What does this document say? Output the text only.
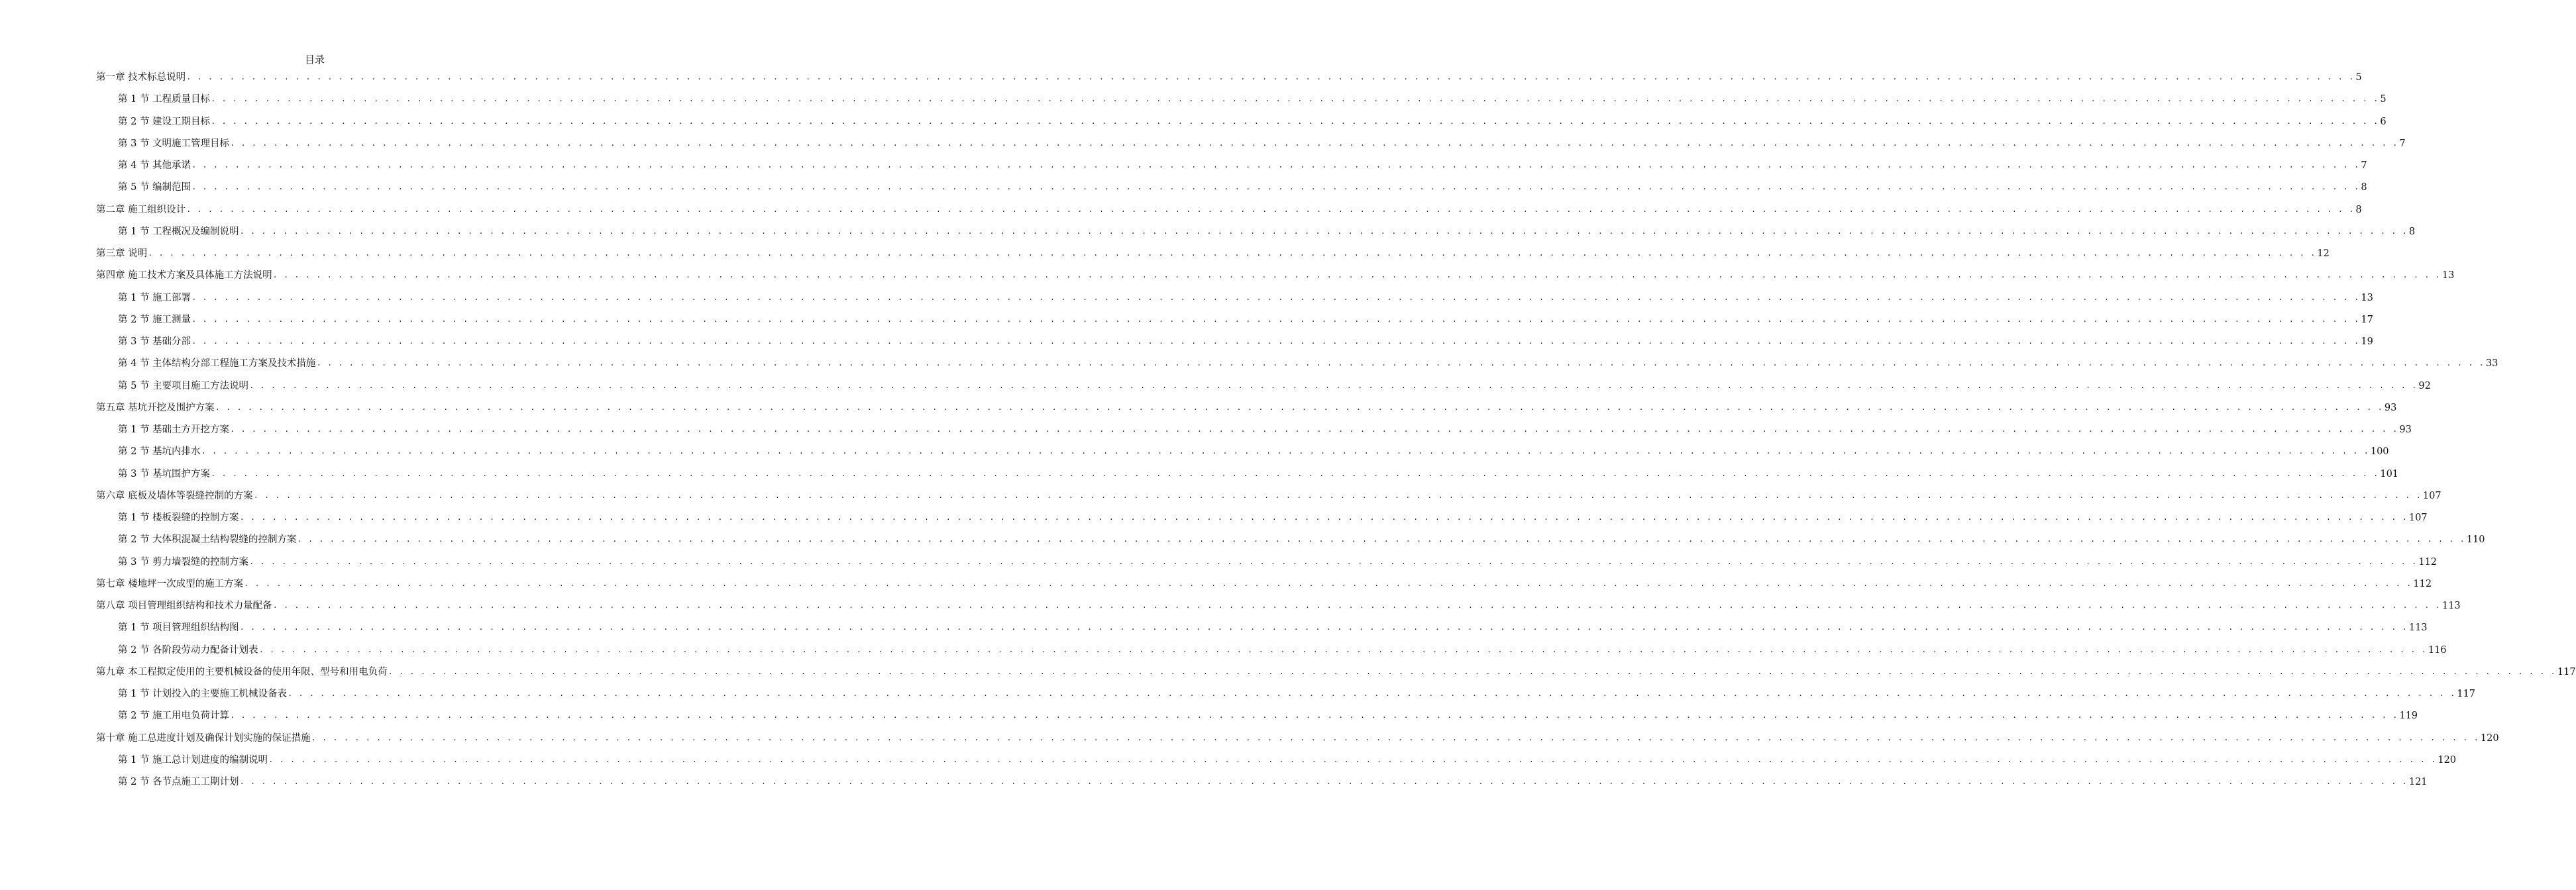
目录
第一章 技术标总说明 . . . . . . . . . . . . . . . . . . . . . . . . . . . . . . . . . . . . . . . . . . . . . . . . . . . . . . . . . . . . . . . . . . . . . . . . . . . . . . . . . . . . . . . . . . . . . . . . . . . . . . . . . . . . . . . . . . . . . . . . . . . . . . . . . . . . . . . . . . . . . . . . . . . . . . . . . . . . . . . . . . . . . . . . . . . . . . . . . . . . . . . . . . . . . . . . . . . . . . . . 5
第 1 节 工程质量目标 . . . . . . . . . . . . . . . . . . . . . . . . . . . . . . . . . . . . . . . . . . . . . . . . . . . . . . . . . . . . . . . . . . . . . . . . . . . . . . . . . . . . . . . . . . . . . . . . . . . . . . . . . . . . . . . . . . . . . . . . . . . . . . . . . . . . . . . . . . . . . . . . . . . . . . . . . . . . . . . . . . . . . . . . . . . . . . . . . . . . . . . . . . . . . . . . . . . . . . . . 5
第 2 节 建设工期目标 . . . . . . . . . . . . . . . . . . . . . . . . . . . . . . . . . . . . . . . . . . . . . . . . . . . . . . . . . . . . . . . . . . . . . . . . . . . . . . . . . . . . . . . . . . . . . . . . . . . . . . . . . . . . . . . . . . . . . . . . . . . . . . . . . . . . . . . . . . . . . . . . . . . . . . . . . . . . . . . . . . . . . . . . . . . . . . . . . . . . . . . . . . . . . . . . . . . . . . . . 6
第 3 节 文明施工管理目标 . . . . . . . . . . . . . . . . . . . . . . . . . . . . . . . . . . . . . . . . . . . . . . . . . . . . . . . . . . . . . . . . . . . . . . . . . . . . . . . . . . . . . . . . . . . . . . . . . . . . . . . . . . . . . . . . . . . . . . . . . . . . . . . . . . . . . . . . . . . . . . . . . . . . . . . . . . . . . . . . . . . . . . . . . . . . . . . . . . . . . . . . . . . . . . . . . . . . . . . . 7
第 4 节 其他承诺 . . . . . . . . . . . . . . . . . . . . . . . . . . . . . . . . . . . . . . . . . . . . . . . . . . . . . . . . . . . . . . . . . . . . . . . . . . . . . . . . . . . . . . . . . . . . . . . . . . . . . . . . . . . . . . . . . . . . . . . . . . . . . . . . . . . . . . . . . . . . . . . . . . . . . . . . . . . . . . . . . . . . . . . . . . . . . . . . . . . . . . . . . . . . . . . . . . . . . . . . 7
第 5 节 编制范围 . . . . . . . . . . . . . . . . . . . . . . . . . . . . . . . . . . . . . . . . . . . . . . . . . . . . . . . . . . . . . . . . . . . . . . . . . . . . . . . . . . . . . . . . . . . . . . . . . . . . . . . . . . . . . . . . . . . . . . . . . . . . . . . . . . . . . . . . . . . . . . . . . . . . . . . . . . . . . . . . . . . . . . . . . . . . . . . . . . . . . . . . . . . . . . . . . . . . . . . . 8
第二章 施工组织设计 . . . . . . . . . . . . . . . . . . . . . . . . . . . . . . . . . . . . . . . . . . . . . . . . . . . . . . . . . . . . . . . . . . . . . . . . . . . . . . . . . . . . . . . . . . . . . . . . . . . . . . . . . . . . . . . . . . . . . . . . . . . . . . . . . . . . . . . . . . . . . . . . . . . . . . . . . . . . . . . . . . . . . . . . . . . . . . . . . . . . . . . . . . . . . . . . . . . . . . . . 8
第 1 节 工程概况及编制说明 . . . . . . . . . . . . . . . . . . . . . . . . . . . . . . . . . . . . . . . . . . . . . . . . . . . . . . . . . . . . . . . . . . . . . . . . . . . . . . . . . . . . . . . . . . . . . . . . . . . . . . . . . . . . . . . . . . . . . . . . . . . . . . . . . . . . . . . . . . . . . . . . . . . . . . . . . . . . . . . . . . . . . . . . . . . . . . . . . . . . . . . . . . . . . . . . . . . . . . . . 8
第三章 说明 . . . . . . . . . . . . . . . . . . . . . . . . . . . . . . . . . . . . . . . . . . . . . . . . . . . . . . . . . . . . . . . . . . . . . . . . . . . . . . . . . . . . . . . . . . . . . . . . . . . . . . . . . . . . . . . . . . . . . . . . . . . . . . . . . . . . . . . . . . . . . . . . . . . . . . . . . . . . . . . . . . . . . . . . . . . . . . . . . . . . . . . . . . . . . . . . . . . . . . . . 12
第四章 施工技术方案及具体施工方法说明 . . . . . . . . . . . . . . . . . . . . . . . . . . . . . . . . . . . . . . . . . . . . . . . . . . . . . . . . . . . . . . . . . . . . . . . . . . . . . . . . . . . . . . . . . . . . . . . . . . . . . . . . . . . . . . . . . . . . . . . . . . . . . . . . . . . . . . . . . . . . . . . . . . . . . . . . . . . . . . . . . . . . . . . . . . . . . . . . . . . . . . . . . . . . . . . . . . . . . . . . 13
第 1 节 施工部署 . . . . . . . . . . . . . . . . . . . . . . . . . . . . . . . . . . . . . . . . . . . . . . . . . . . . . . . . . . . . . . . . . . . . . . . . . . . . . . . . . . . . . . . . . . . . . . . . . . . . . . . . . . . . . . . . . . . . . . . . . . . . . . . . . . . . . . . . . . . . . . . . . . . . . . . . . . . . . . . . . . . . . . . . . . . . . . . . . . . . . . . . . . . . . . . . . . . . . . . . 13
第 2 节 施工测量 . . . . . . . . . . . . . . . . . . . . . . . . . . . . . . . . . . . . . . . . . . . . . . . . . . . . . . . . . . . . . . . . . . . . . . . . . . . . . . . . . . . . . . . . . . . . . . . . . . . . . . . . . . . . . . . . . . . . . . . . . . . . . . . . . . . . . . . . . . . . . . . . . . . . . . . . . . . . . . . . . . . . . . . . . . . . . . . . . . . . . . . . . . . . . . . . . . . . . . . . 17
第 3 节 基础分部 . . . . . . . . . . . . . . . . . . . . . . . . . . . . . . . . . . . . . . . . . . . . . . . . . . . . . . . . . . . . . . . . . . . . . . . . . . . . . . . . . . . . . . . . . . . . . . . . . . . . . . . . . . . . . . . . . . . . . . . . . . . . . . . . . . . . . . . . . . . . . . . . . . . . . . . . . . . . . . . . . . . . . . . . . . . . . . . . . . . . . . . . . . . . . . . . . . . . . . . . 19
第 4 节 主体结构分部工程施工方案及技术措施 . . . . . . . . . . . . . . . . . . . . . . . . . . . . . . . . . . . . . . . . . . . . . . . . . . . . . . . . . . . . . . . . . . . . . . . . . . . . . . . . . . . . . . . . . . . . . . . . . . . . . . . . . . . . . . . . . . . . . . . . . . . . . . . . . . . . . . . . . . . . . . . . . . . . . . . . . . . . . . . . . . . . . . . . . . . . . . . . . . . . . . . . . . . . . . . . . . . . . . . . 33
第 5 节 主要项目施工方法说明 . . . . . . . . . . . . . . . . . . . . . . . . . . . . . . . . . . . . . . . . . . . . . . . . . . . . . . . . . . . . . . . . . . . . . . . . . . . . . . . . . . . . . . . . . . . . . . . . . . . . . . . . . . . . . . . . . . . . . . . . . . . . . . . . . . . . . . . . . . . . . . . . . . . . . . . . . . . . . . . . . . . . . . . . . . . . . . . . . . . . . . . . . . . . . . . . . . . . . . . . 92
第五章 基坑开挖及围护方案 . . . . . . . . . . . . . . . . . . . . . . . . . . . . . . . . . . . . . . . . . . . . . . . . . . . . . . . . . . . . . . . . . . . . . . . . . . . . . . . . . . . . . . . . . . . . . . . . . . . . . . . . . . . . . . . . . . . . . . . . . . . . . . . . . . . . . . . . . . . . . . . . . . . . . . . . . . . . . . . . . . . . . . . . . . . . . . . . . . . . . . . . . . . . . . . . . . . . . . . . 93
第 1 节 基础土方开挖方案 . . . . . . . . . . . . . . . . . . . . . . . . . . . . . . . . . . . . . . . . . . . . . . . . . . . . . . . . . . . . . . . . . . . . . . . . . . . . . . . . . . . . . . . . . . . . . . . . . . . . . . . . . . . . . . . . . . . . . . . . . . . . . . . . . . . . . . . . . . . . . . . . . . . . . . . . . . . . . . . . . . . . . . . . . . . . . . . . . . . . . . . . . . . . . . . . . . . . . . . . 93
第 2 节 基坑内排水 . . . . . . . . . . . . . . . . . . . . . . . . . . . . . . . . . . . . . . . . . . . . . . . . . . . . . . . . . . . . . . . . . . . . . . . . . . . . . . . . . . . . . . . . . . . . . . . . . . . . . . . . . . . . . . . . . . . . . . . . . . . . . . . . . . . . . . . . . . . . . . . . . . . . . . . . . . . . . . . . . . . . . . . . . . . . . . . . . . . . . . . . . . . . . . . . . . . . . . . . 100
第 3 节 基坑围护方案 . . . . . . . . . . . . . . . . . . . . . . . . . . . . . . . . . . . . . . . . . . . . . . . . . . . . . . . . . . . . . . . . . . . . . . . . . . . . . . . . . . . . . . . . . . . . . . . . . . . . . . . . . . . . . . . . . . . . . . . . . . . . . . . . . . . . . . . . . . . . . . . . . . . . . . . . . . . . . . . . . . . . . . . . . . . . . . . . . . . . . . . . . . . . . . . . . . . . . . . . 101
第六章 底板及墙体等裂缝控制的方案 . . . . . . . . . . . . . . . . . . . . . . . . . . . . . . . . . . . . . . . . . . . . . . . . . . . . . . . . . . . . . . . . . . . . . . . . . . . . . . . . . . . . . . . . . . . . . . . . . . . . . . . . . . . . . . . . . . . . . . . . . . . . . . . . . . . . . . . . . . . . . . . . . . . . . . . . . . . . . . . . . . . . . . . . . . . . . . . . . . . . . . . . . . . . . . . . . . . . . . . . 107
第 1 节 楼板裂缝的控制方案 . . . . . . . . . . . . . . . . . . . . . . . . . . . . . . . . . . . . . . . . . . . . . . . . . . . . . . . . . . . . . . . . . . . . . . . . . . . . . . . . . . . . . . . . . . . . . . . . . . . . . . . . . . . . . . . . . . . . . . . . . . . . . . . . . . . . . . . . . . . . . . . . . . . . . . . . . . . . . . . . . . . . . . . . . . . . . . . . . . . . . . . . . . . . . . . . . . . . . . . . 107
第 2 节 大体积混凝土结构裂缝的控制方案 . . . . . . . . . . . . . . . . . . . . . . . . . . . . . . . . . . . . . . . . . . . . . . . . . . . . . . . . . . . . . . . . . . . . . . . . . . . . . . . . . . . . . . . . . . . . . . . . . . . . . . . . . . . . . . . . . . . . . . . . . . . . . . . . . . . . . . . . . . . . . . . . . . . . . . . . . . . . . . . . . . . . . . . . . . . . . . . . . . . . . . . . . . . . . . . . . . . . . . . . 110
第 3 节 剪力墙裂缝的控制方案 . . . . . . . . . . . . . . . . . . . . . . . . . . . . . . . . . . . . . . . . . . . . . . . . . . . . . . . . . . . . . . . . . . . . . . . . . . . . . . . . . . . . . . . . . . . . . . . . . . . . . . . . . . . . . . . . . . . . . . . . . . . . . . . . . . . . . . . . . . . . . . . . . . . . . . . . . . . . . . . . . . . . . . . . . . . . . . . . . . . . . . . . . . . . . . . . . . . . . . . . 112
第七章 楼地坪一次成型的施工方案 . . . . . . . . . . . . . . . . . . . . . . . . . . . . . . . . . . . . . . . . . . . . . . . . . . . . . . . . . . . . . . . . . . . . . . . . . . . . . . . . . . . . . . . . . . . . . . . . . . . . . . . . . . . . . . . . . . . . . . . . . . . . . . . . . . . . . . . . . . . . . . . . . . . . . . . . . . . . . . . . . . . . . . . . . . . . . . . . . . . . . . . . . . . . . . . . . . . . . . . . 112
第八章 项目管理组织结构和技术力量配备 . . . . . . . . . . . . . . . . . . . . . . . . . . . . . . . . . . . . . . . . . . . . . . . . . . . . . . . . . . . . . . . . . . . . . . . . . . . . . . . . . . . . . . . . . . . . . . . . . . . . . . . . . . . . . . . . . . . . . . . . . . . . . . . . . . . . . . . . . . . . . . . . . . . . . . . . . . . . . . . . . . . . . . . . . . . . . . . . . . . . . . . . . . . . . . . . . . . . . . . . 113
第 1 节 项目管理组织结构图 . . . . . . . . . . . . . . . . . . . . . . . . . . . . . . . . . . . . . . . . . . . . . . . . . . . . . . . . . . . . . . . . . . . . . . . . . . . . . . . . . . . . . . . . . . . . . . . . . . . . . . . . . . . . . . . . . . . . . . . . . . . . . . . . . . . . . . . . . . . . . . . . . . . . . . . . . . . . . . . . . . . . . . . . . . . . . . . . . . . . . . . . . . . . . . . . . . . . . . . . 113
第 2 节 各阶段劳动力配备计划表 . . . . . . . . . . . . . . . . . . . . . . . . . . . . . . . . . . . . . . . . . . . . . . . . . . . . . . . . . . . . . . . . . . . . . . . . . . . . . . . . . . . . . . . . . . . . . . . . . . . . . . . . . . . . . . . . . . . . . . . . . . . . . . . . . . . . . . . . . . . . . . . . . . . . . . . . . . . . . . . . . . . . . . . . . . . . . . . . . . . . . . . . . . . . . . . . . . . . . . . . 116
第九章 本工程拟定使用的主要机械设备的使用年限、型号和用电负荷 . . . . . . . . . . . . . . . . . . . . . . . . . . . . . . . . . . . . . . . . . . . . . . . . . . . . . . . . . . . . . . . . . . . . . . . . . . . . . . . . . . . . . . . . . . . . . . . . . . . . . . . . . . . . . . . . . . . . . . . . . . . . . . . . . . . . . . . . . . . . . . . . . . . . . . . . . . . . . . . . . . . . . . . . . . . . . . . . . . . . . . . . . . . . . . . . . . . . . . . . 117
第 1 节 计划投入的主要施工机械设备表 . . . . . . . . . . . . . . . . . . . . . . . . . . . . . . . . . . . . . . . . . . . . . . . . . . . . . . . . . . . . . . . . . . . . . . . . . . . . . . . . . . . . . . . . . . . . . . . . . . . . . . . . . . . . . . . . . . . . . . . . . . . . . . . . . . . . . . . . . . . . . . . . . . . . . . . . . . . . . . . . . . . . . . . . . . . . . . . . . . . . . . . . . . . . . . . . . . . . . . . . 117
第 2 节 施工用电负荷计算 . . . . . . . . . . . . . . . . . . . . . . . . . . . . . . . . . . . . . . . . . . . . . . . . . . . . . . . . . . . . . . . . . . . . . . . . . . . . . . . . . . . . . . . . . . . . . . . . . . . . . . . . . . . . . . . . . . . . . . . . . . . . . . . . . . . . . . . . . . . . . . . . . . . . . . . . . . . . . . . . . . . . . . . . . . . . . . . . . . . . . . . . . . . . . . . . . . . . . . . . 119
第十章 施工总进度计划及确保计划实施的保证措施 . . . . . . . . . . . . . . . . . . . . . . . . . . . . . . . . . . . . . . . . . . . . . . . . . . . . . . . . . . . . . . . . . . . . . . . . . . . . . . . . . . . . . . . . . . . . . . . . . . . . . . . . . . . . . . . . . . . . . . . . . . . . . . . . . . . . . . . . . . . . . . . . . . . . . . . . . . . . . . . . . . . . . . . . . . . . . . . . . . . . . . . . . . . . . . . . . . . . . . . . 120
第 1 节 施工总计划进度的编制说明 . . . . . . . . . . . . . . . . . . . . . . . . . . . . . . . . . . . . . . . . . . . . . . . . . . . . . . . . . . . . . . . . . . . . . . . . . . . . . . . . . . . . . . . . . . . . . . . . . . . . . . . . . . . . . . . . . . . . . . . . . . . . . . . . . . . . . . . . . . . . . . . . . . . . . . . . . . . . . . . . . . . . . . . . . . . . . . . . . . . . . . . . . . . . . . . . . . . . . . . . 120
第 2 节 各节点施工工期计划 . . . . . . . . . . . . . . . . . . . . . . . . . . . . . . . . . . . . . . . . . . . . . . . . . . . . . . . . . . . . . . . . . . . . . . . . . . . . . . . . . . . . . . . . . . . . . . . . . . . . . . . . . . . . . . . . . . . . . . . . . . . . . . . . . . . . . . . . . . . . . . . . . . . . . . . . . . . . . . . . . . . . . . . . . . . . . . . . . . . . . . . . . . . . . . . . . . . . . . . . 121
